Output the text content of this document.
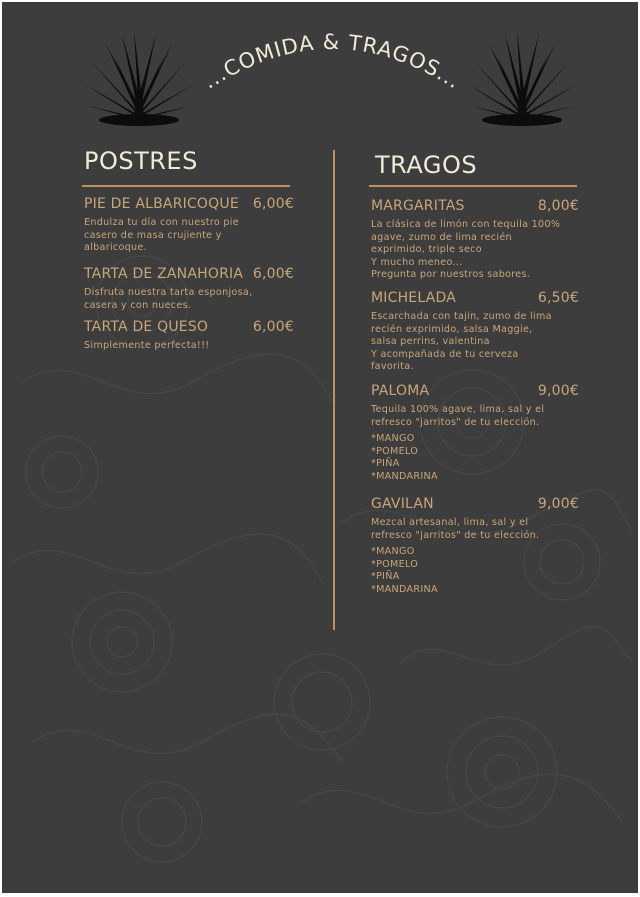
...COMIDA & TRAGOS...
POSTRES
PIE DE ALBARICOQUE 6,00€
Endulza tu día con nuestro pie
casero de masa crujiente y
albaricoque.
TARTA DE ZANAHORIA 6,00€
Disfruta nuestra tarta esponjosa,
casera y con nueces.
TARTA DE QUESO	6,00€
Simplemente perfecta!!!
TRAGOS
MARGARITAS	8,00€
La clásica de limón con tequila 100%
agave, zumo de lima recién
exprimido, triple seco
Y mucho meneo...
Pregunta por nuestros sabores.
MICHELADA	6,50€
Escarchada con tajin, zumo de lima
recién exprimido, salsa Maggie,
salsa perrins, valentina
Y acompañada de tu cerveza
favorita.
PALOMA	9,00€
Tequila 100% agave, lima, sal y el
refresco "jarritos" de tu elección.
*MANGO
*POMELO
*PIÑA
*MANDARINA
GAVILAN	9,00€
Mezcal artesanal, lima, sal y el
refresco "jarritos" de tu elección.
*MANGO
*POMELO
*PIÑA
*MANDARINA
